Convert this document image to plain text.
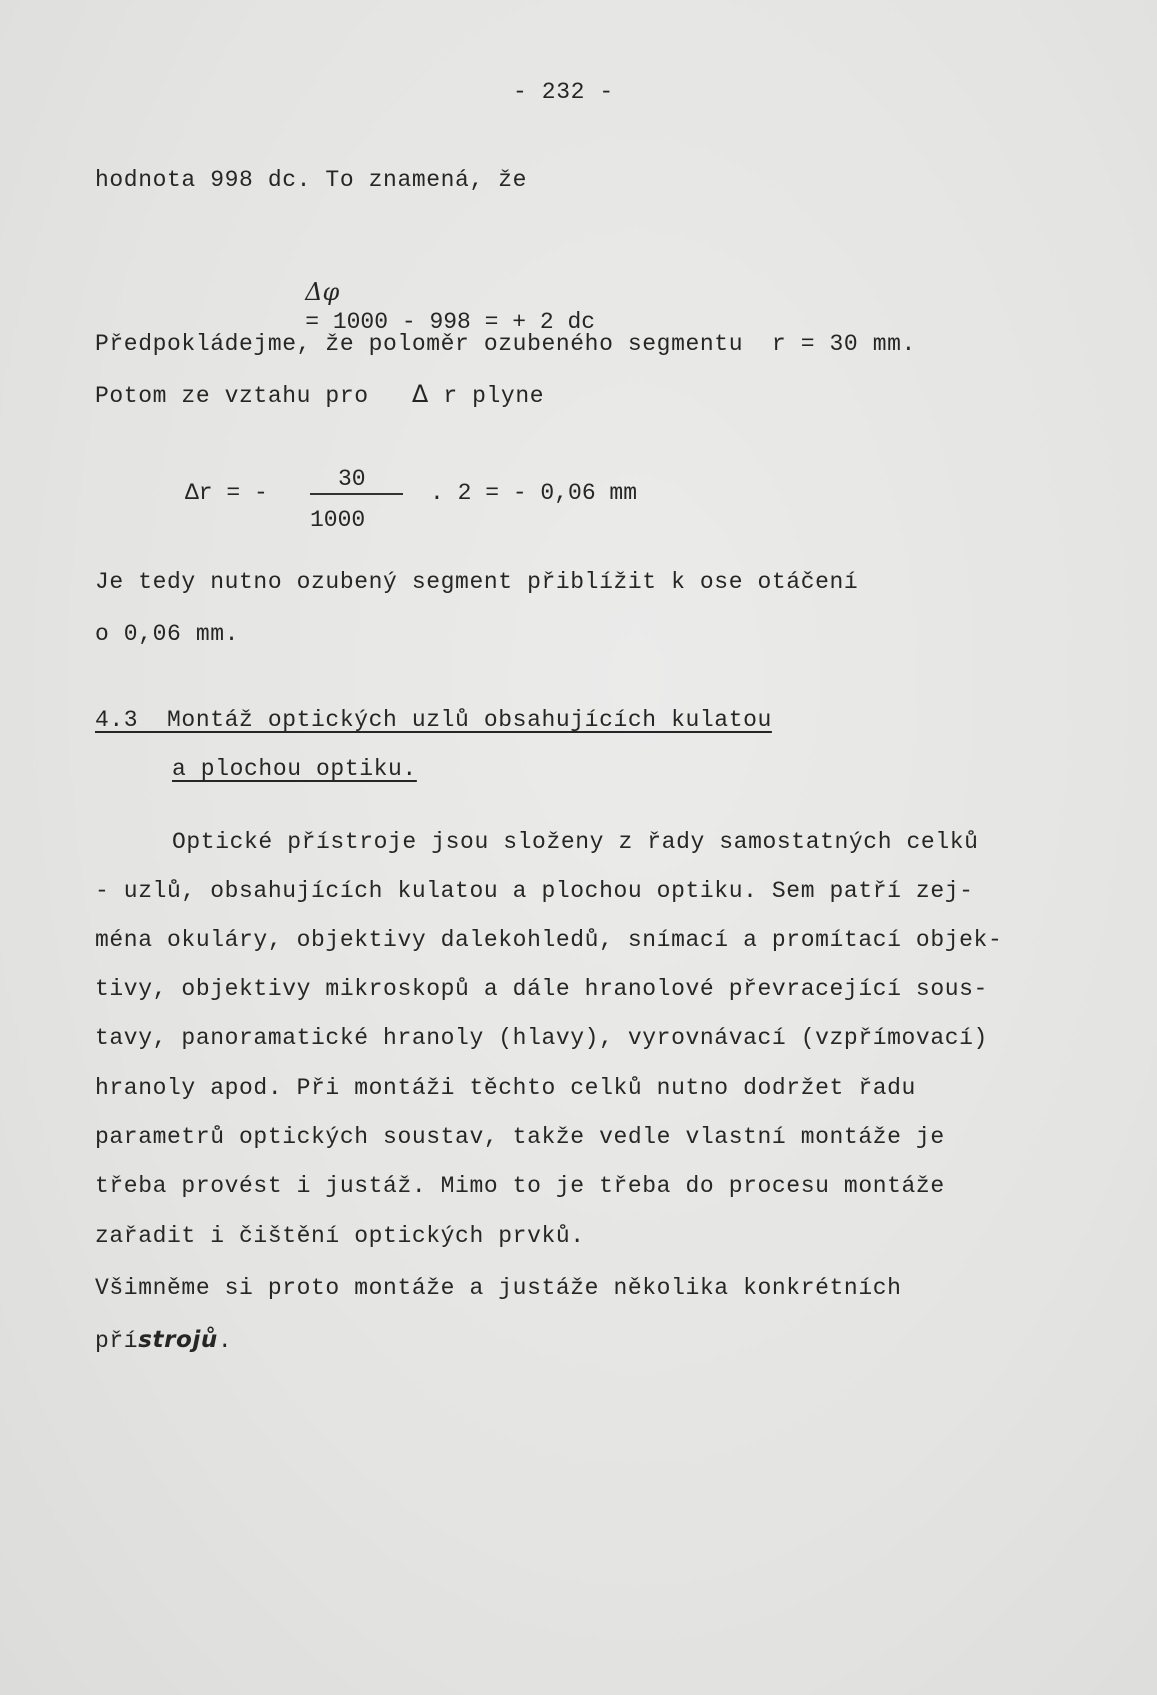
- 232 -
hodnota 998 dc. To znamená, že

Δφ
= 1000 - 998 = + 2 dc

Předpokládejme, že poloměr ozubeného segmentu  r = 30 mm.
Potom ze vztahu pro Δ r plyne
Δr = -
30
1000
. 2 = - 0,06 mm
Je tedy nutno ozubený segment přiblížit k ose otáčení
o 0,06 mm.
4.3  Montáž optických uzlů obsahujících kulatou
a plochou optiku.
Optické přístroje jsou složeny z řady samostatných celků
- uzlů, obsahujících kulatou a plochou optiku. Sem patří zej-
ména okuláry, objektivy dalekohledů, snímací a promítací objek-
tivy, objektivy mikroskopů a dále hranolové převracející sous-
tavy, panoramatické hranoly (hlavy), vyrovnávací (vzpřímovací)
hranoly apod. Při montáži těchto celků nutno dodržet řadu
parametrů optických soustav, takže vedle vlastní montáže je
třeba provést i justáž. Mimo to je třeba do procesu montáže
zařadit i čištění optických prvků.
Všimněme si proto montáže a justáže několika konkrétních
přístrojů.
